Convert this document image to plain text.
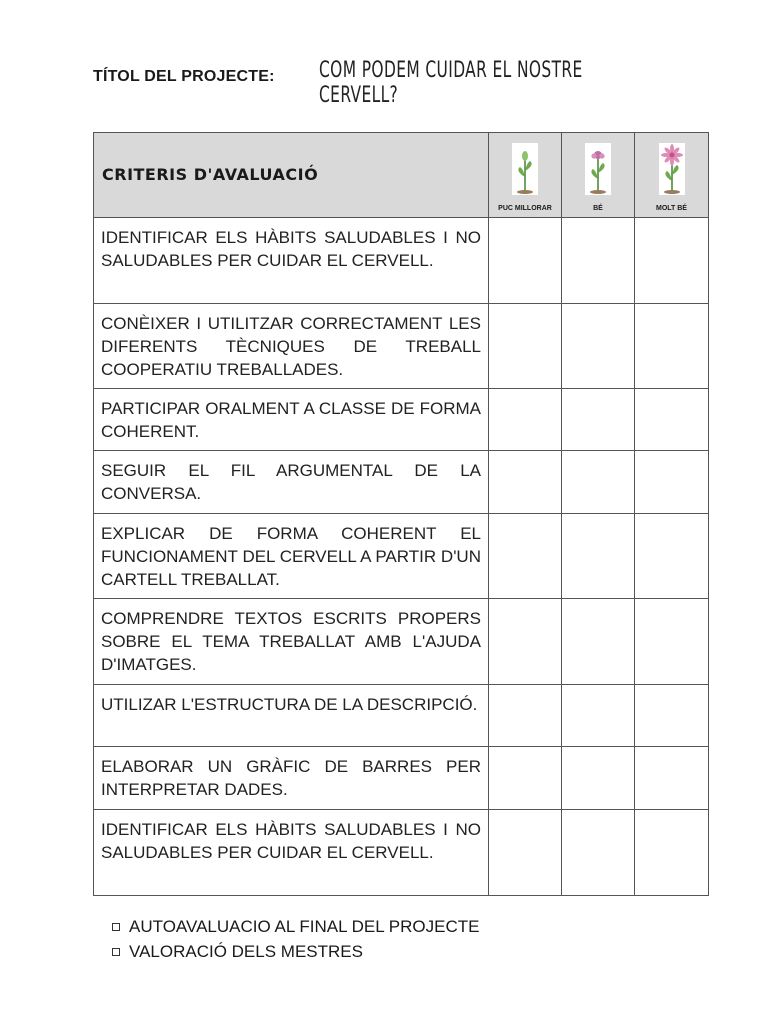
TÍTOL DEL PROJECTE: COM PODEM CUIDAR EL NOSTRE CERVELL?
CRITERIS D'AVALUACIÓ	PUC MILLORAR	BÉ	MOLT BÉ

IDENTIFICAR ELS HÀBITS SALUDABLES I NO SALUDABLES PER CUIDAR EL CERVELL.			
CONÈIXER I UTILITZAR CORRECTAMENT LES DIFERENTS TÈCNIQUES DE TREBALL COOPERATIU TREBALLADES.			
PARTICIPAR ORALMENT A CLASSE DE FORMA COHERENT.			
SEGUIR EL FIL ARGUMENTAL DE LA CONVERSA.			
EXPLICAR DE FORMA COHERENT EL FUNCIONAMENT DEL CERVELL A PARTIR D'UN CARTELL TREBALLAT.			
COMPRENDRE TEXTOS ESCRITS PROPERS SOBRE EL TEMA TREBALLAT AMB L'AJUDA D'IMATGES.			
UTILIZAR L'ESTRUCTURA DE LA DESCRIPCIÓ.			
ELABORAR UN GRÀFIC DE BARRES PER INTERPRETAR DADES.			
IDENTIFICAR ELS HÀBITS SALUDABLES I NO SALUDABLES PER CUIDAR EL CERVELL.			
AUTOAVALUACIO AL FINAL DEL PROJECTE
VALORACIÓ DELS MESTRES
